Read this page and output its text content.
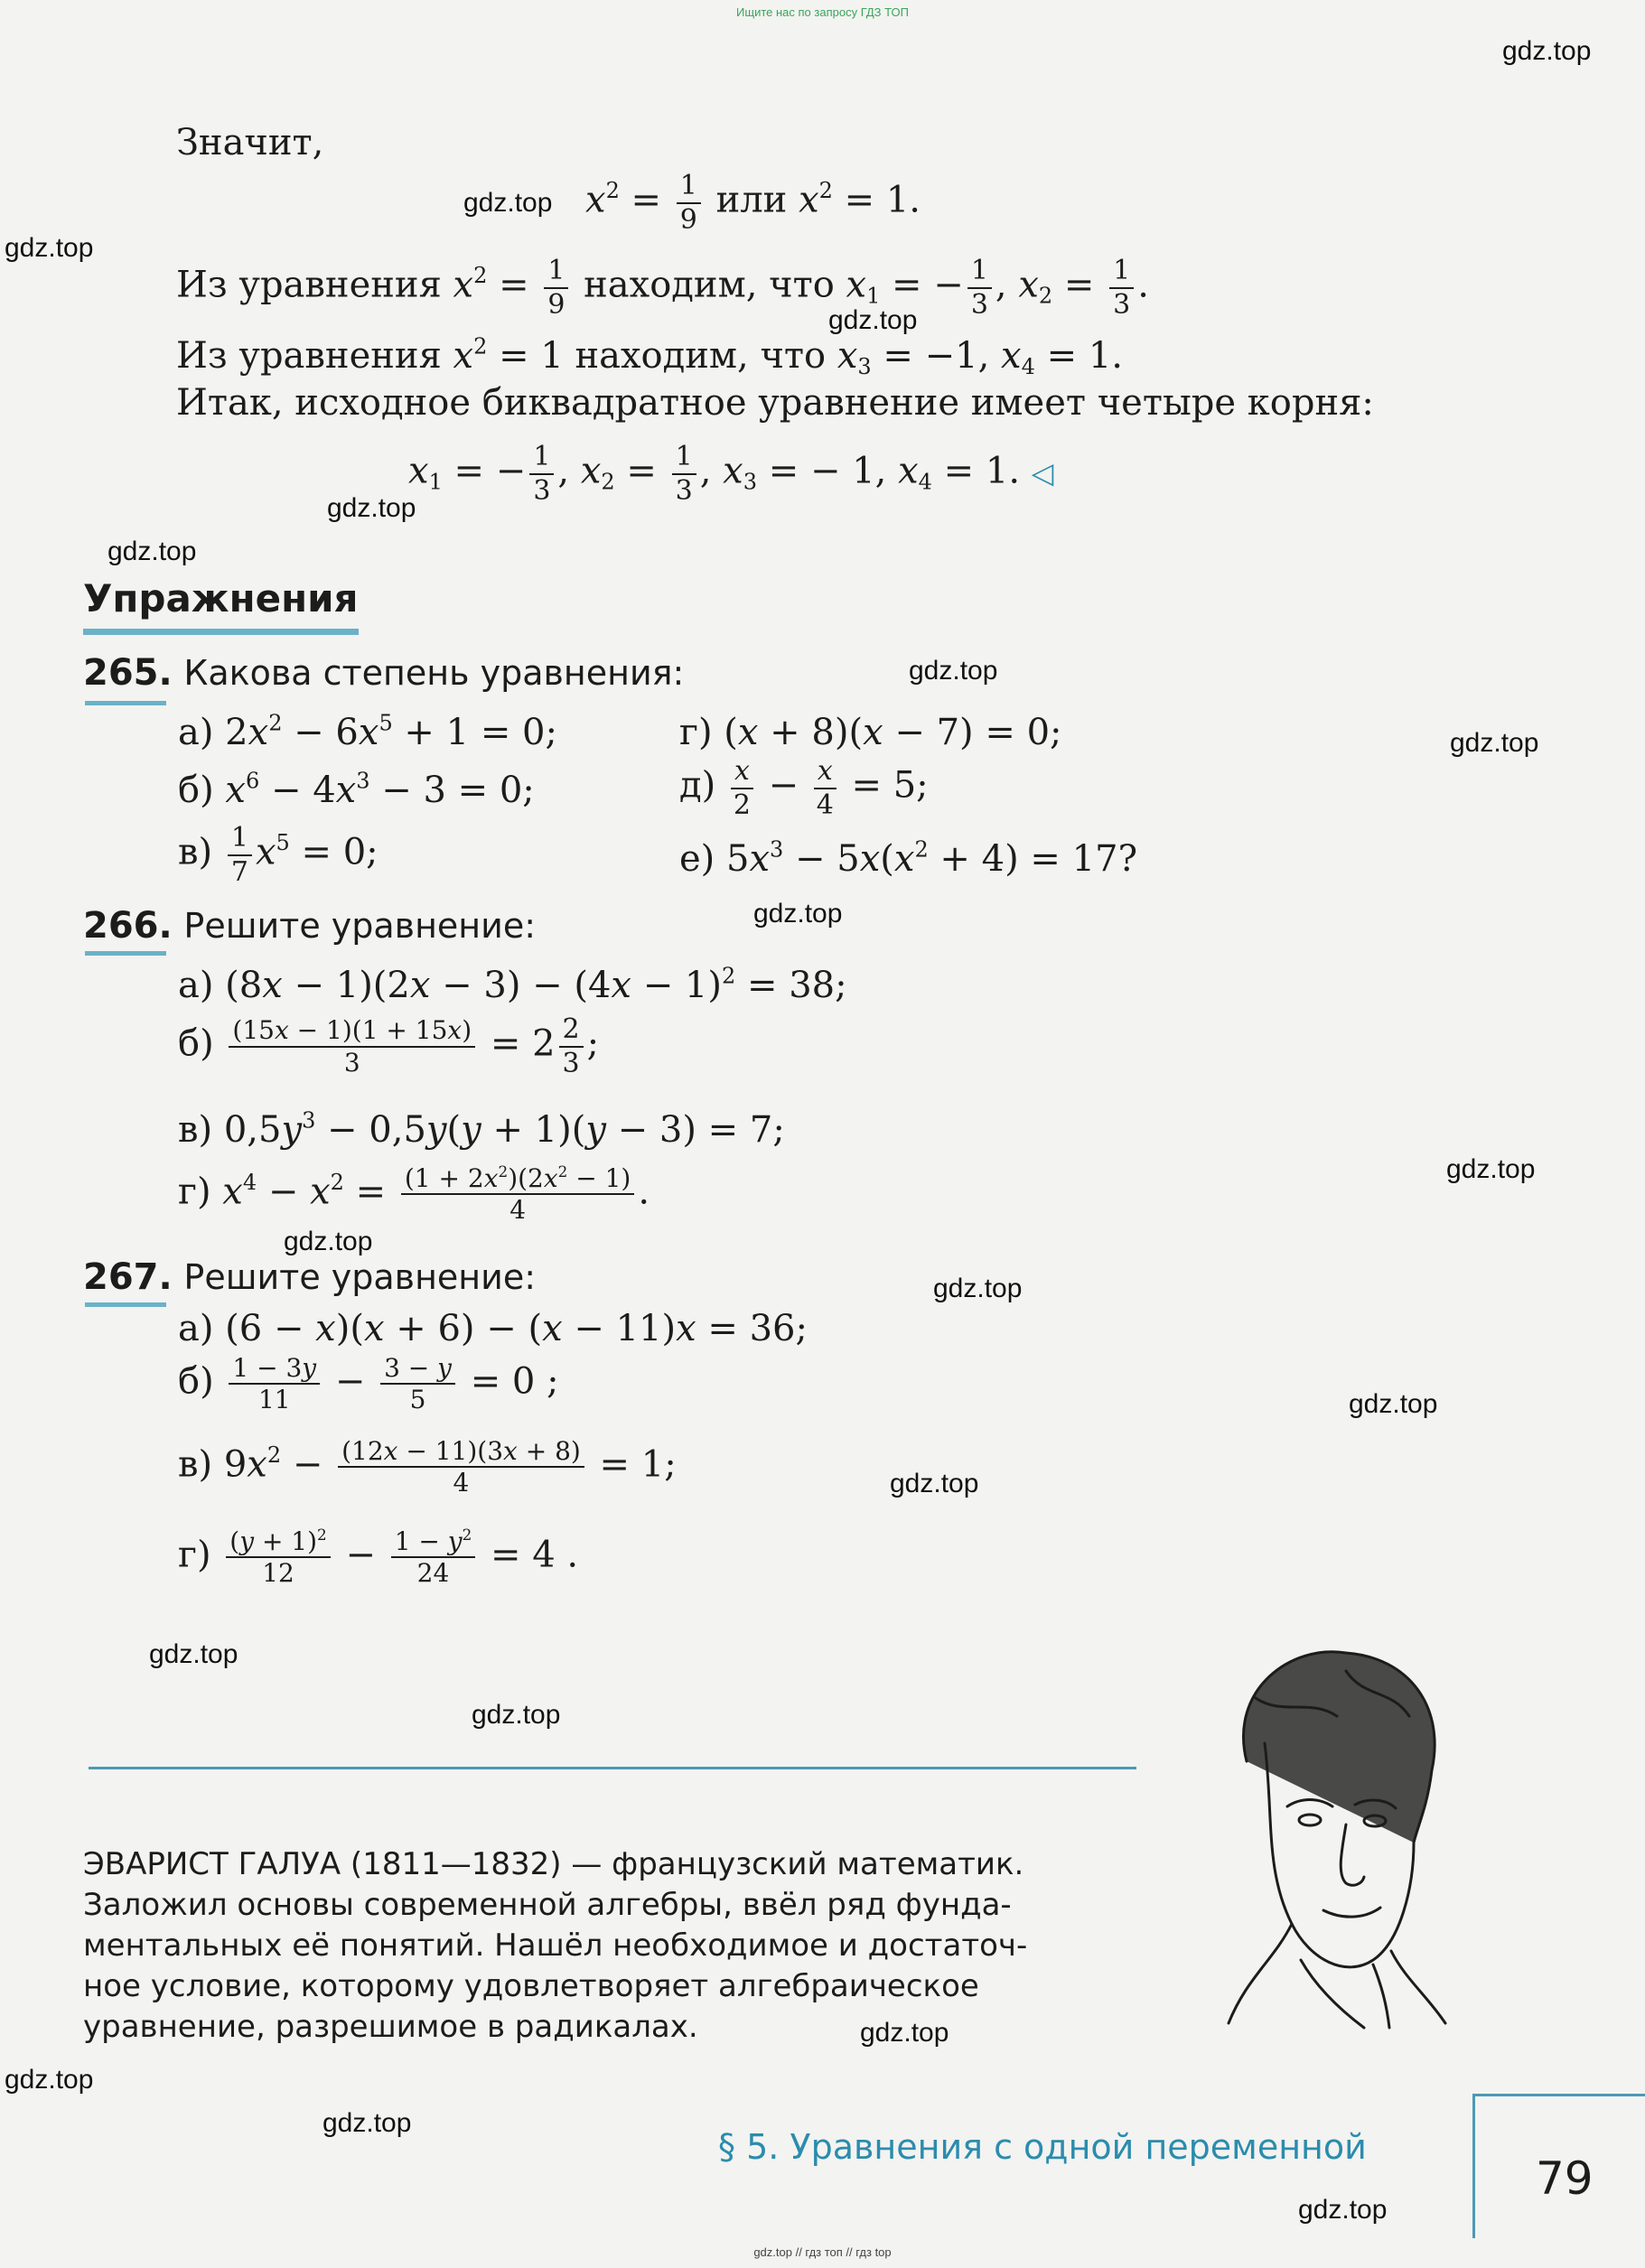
Ищите нас по запросу ГДЗ ТОП
gdz.top
gdz.top
gdz.top
gdz.top
gdz.top
gdz.top
gdz.top
gdz.top
gdz.top
gdz.top
gdz.top
gdz.top
gdz.top
gdz.top
gdz.top
gdz.top
gdz.top
gdz.top
gdz.top
gdz.top
Значит,
$x^2 = \frac{1}{9}$ или $x^2 = 1$.
Из уравнения $x^2 = \frac{1}{9}$ находим, что $x_1$ = − $\frac{1}{3}$ , $x_2 = \frac{1}{3}$ .
Из уравнения $x^2 = 1$ находим, что $x_3 = -1$, $x_4 = 1$.
Итак, исходное биквадратное уравнение имеет четыре корня:
$x_1$ = − $\frac{1}{3}$ , $x_2 = \frac{1}{3}$ , $x_3$ = − 1, $x_4 = 1$. ◁
Упражнения
265. Какова степень уравнения:
а) $2x^2 - 6x^5 + 1 = 0$;	г) (x + 8)(x − 7) = 0;
б) $x^6 - 4x^3 - 3 = 0$;	$д) \frac{x}{2} - \frac{x}{4} = 5$;
$в) \frac{1}{7} x^5 = 0$;	е) $5x^3 - 5x(x^2 + 4) = 17$?
266. Решите уравнение:
а) $(8x - 1)(2x - 3) - (4x - 1)^2 = 38$;
$б) \frac{(15x - 1)(1 + 15x)}{3} = 2 \frac{2}{3}$ ;
в) $0,5y^3 - 0,5y(y + 1)(y - 3) = 7$;
г) $x^4 - x^2 = \frac{(1 + 2x^2)(2x^2 - 1)}{4}$ .
267. Решите уравнение:
а) (6 − x)(x + 6) − (x − 11)x = 36;
$б) \frac{1 - 3y}{11} - \frac{3 - y}{5} = 0$ ;
в) $9x^2 - \frac{(12x - 11)(3x + 8)}{4} = 1$;
$г) \frac{(y + 1)^2}{12} - \frac{1 - y^2}{24} = 4$ .
ЭВАРИСТ ГАЛУА (1811—1832) — французский математик.
Заложил основы современной алгебры, ввёл ряд фунда-
ментальных её понятий. Нашёл необходимое и достаточ-
ное условие, которому удовлетворяет алгебраическое
уравнение, разрешимое в радикалах.
§ 5. Уравнения с одной переменной
79
gdz.top // гдз топ // гдз top
